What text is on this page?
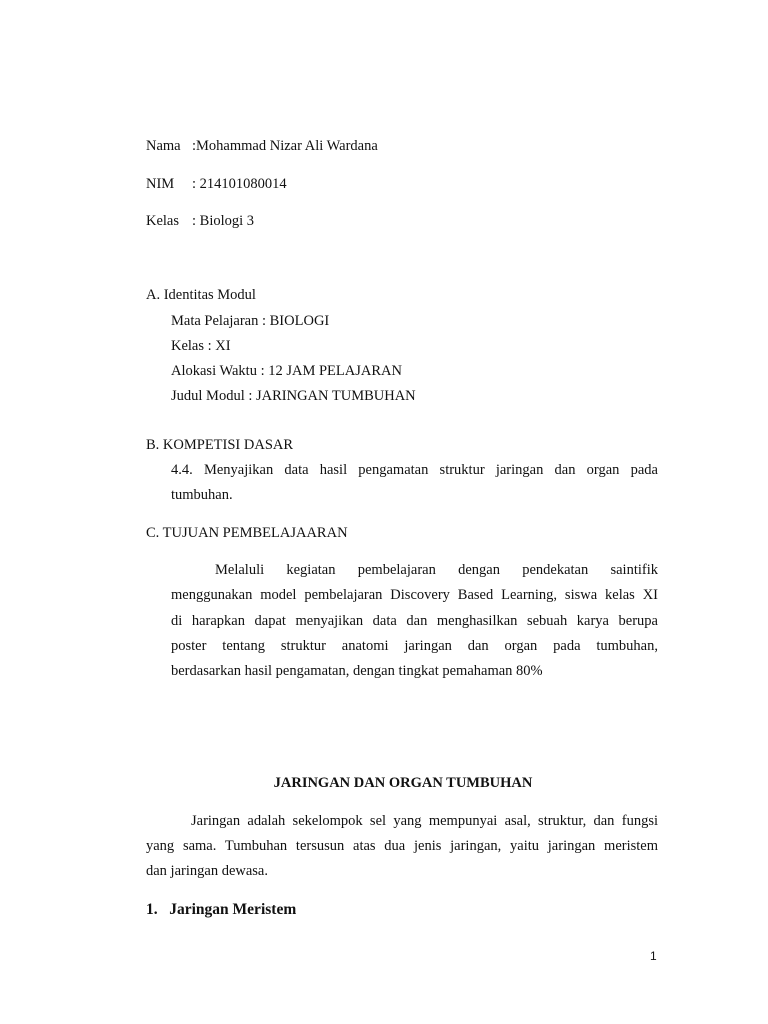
Nama :Mohammad Nizar Ali Wardana
NIM : 214101080014
Kelas : Biologi 3
A. Identitas Modul
Mata Pelajaran : BIOLOGI
Kelas : XI
Alokasi Waktu : 12 JAM PELAJARAN
Judul Modul : JARINGAN TUMBUHAN
B. KOMPETISI DASAR
4.4. Menyajikan data hasil pengamatan struktur jaringan dan organ pada
tumbuhan.
C. TUJUAN PEMBELAJAARAN
Melaluli kegiatan pembelajaran dengan pendekatan saintifik
menggunakan model pembelajaran Discovery Based Learning, siswa kelas XI
di harapkan dapat menyajikan data dan menghasilkan sebuah karya berupa
poster tentang struktur anatomi jaringan dan organ pada tumbuhan,
berdasarkan hasil pengamatan, dengan tingkat pemahaman 80%
JARINGAN DAN ORGAN TUMBUHAN
Jaringan adalah sekelompok sel yang mempunyai asal, struktur, dan fungsi
yang sama. Tumbuhan tersusun atas dua jenis jaringan, yaitu jaringan meristem
dan jaringan dewasa.
1.   Jaringan Meristem
1
